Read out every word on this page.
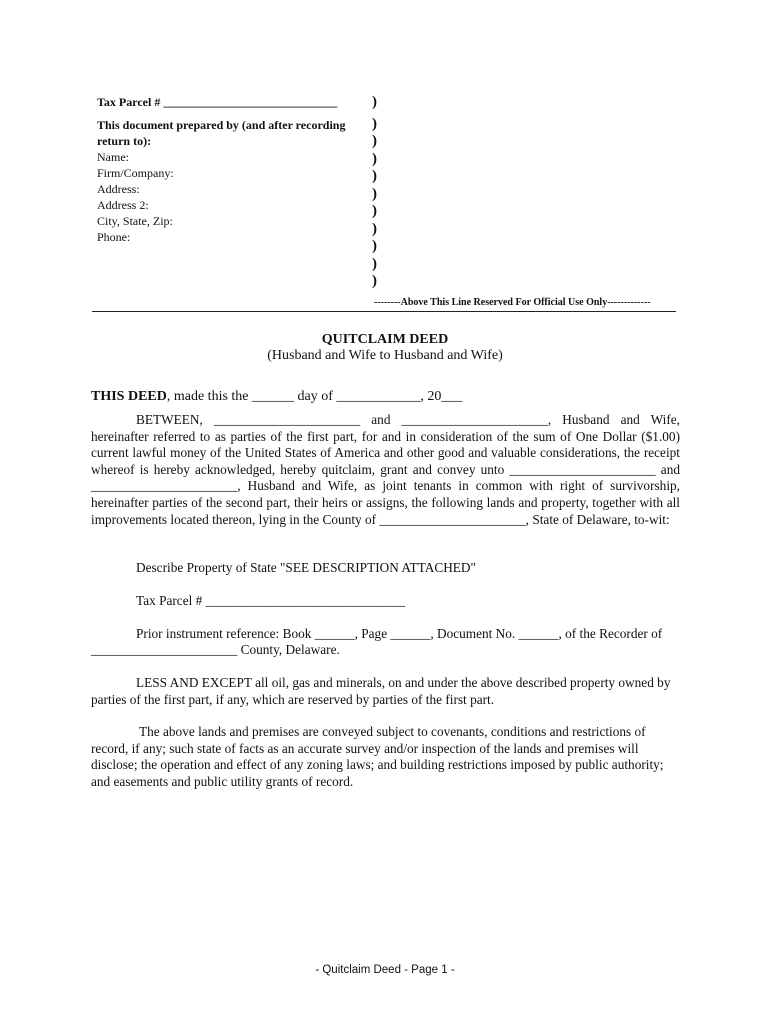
Tax Parcel # _____________________________

This document prepared by (and after recording return to):

Name:

Firm/Company:

Address:

Address 2:

City, State, Zip:

Phone:

)
)
)
)
)
)
)
)
)
)
)
--------Above This Line Reserved For Official Use Only-------------
QUITCLAIM DEED
(Husband and Wife to Husband and Wife)
THIS DEED, made this the ______ day of ____________, 20___
BETWEEN, ______________________ and ______________________, Husband and Wife, hereinafter referred to as parties of the first part, for and in consideration of the sum of One Dollar ($1.00) current lawful money of the United States of America and other good and valuable considerations, the receipt whereof is hereby acknowledged, hereby quitclaim, grant and convey unto ______________________ and ______________________, Husband and Wife, as joint tenants in common with right of survivorship, hereinafter parties of the second part, their heirs or assigns, the following lands and property, together with all improvements located thereon, lying in the County of ______________________, State of Delaware, to-wit:
Describe Property of State "SEE DESCRIPTION ATTACHED"
Tax Parcel # ______________________________
Prior instrument reference: Book ______, Page ______, Document No. ______, of the Recorder of
______________________ County, Delaware.
LESS AND EXCEPT all oil, gas and minerals, on and under the above described property owned by parties of the first part, if any, which are reserved by parties of the first part.
The above lands and premises are conveyed subject to covenants, conditions and restrictions of record, if any; such state of facts as an accurate survey and/or inspection of the lands and premises will disclose; the operation and effect of any zoning laws; and building restrictions imposed by public authority; and easements and public utility grants of record.
- Quitclaim Deed - Page 1 -
